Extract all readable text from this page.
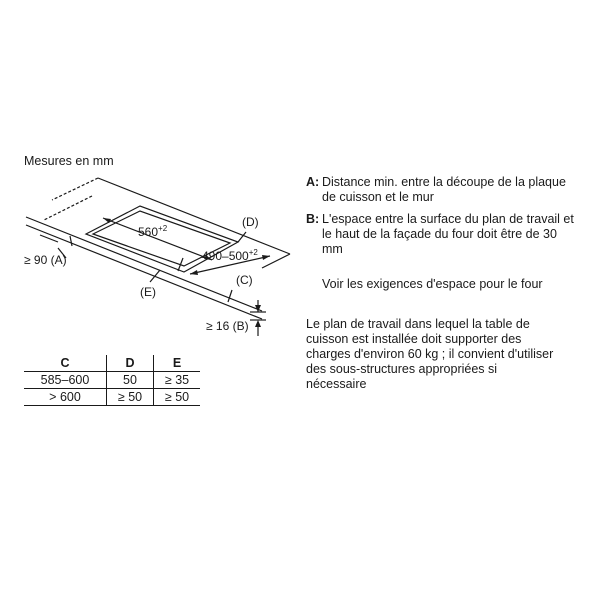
Mesures en mm
$560^{+2}$
$490-500^{+2}$
(D)
(C)
(E)
≥ 90 (A)
≥ 16 (B)
A: Distance min. entre la découpe de la plaque de cuisson et le mur
B: L'espace entre la surface du plan de travail et le haut de la façade du four doit être de 30 mm
Voir les exigences d'espace pour le four
Le plan de travail dans lequel la table de cuisson est installée doit supporter des charges d'environ 60 kg ; il convient d'utiliser des sous-structures appropriées si nécessaire
C	D	E
585–600	50	≥ 35
> 600	≥ 50	≥ 50
